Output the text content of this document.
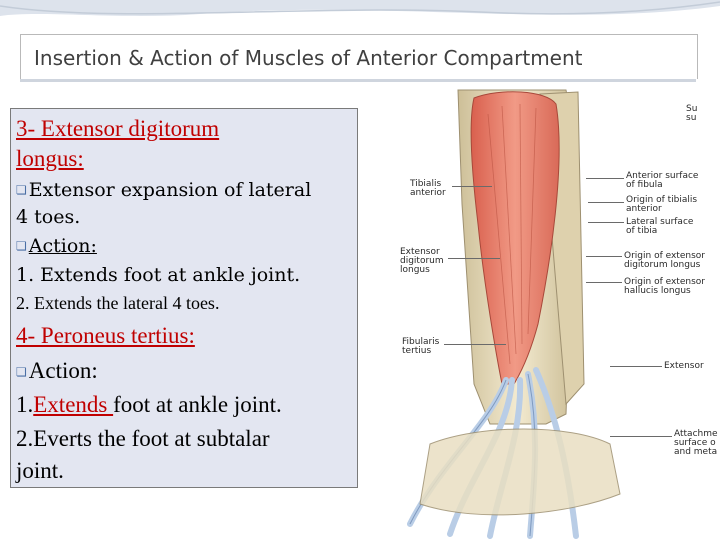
Insertion & Action of Muscles of Anterior Compartment
3- Extensor digitorum
longus:
❏ Extensor expansion of lateral
4 toes.
❏ Action:
1. Extends foot at ankle joint.
2. Extends the lateral 4 toes.
4- Peroneus tertius:
❏Action:
1.Extends foot at ankle joint.
2.Everts the foot at subtalar
joint.
Tibialis
anterior
Extensor
digitorum
longus
Fibularis
tertius
Su
su
Anterior surface
of fibula
Origin of tibialis
anterior
Lateral surface
of tibia
Origin of extensor
digitorum longus
Origin of extensor
hallucis longus
Extensor
Attachme
surface o
and meta
